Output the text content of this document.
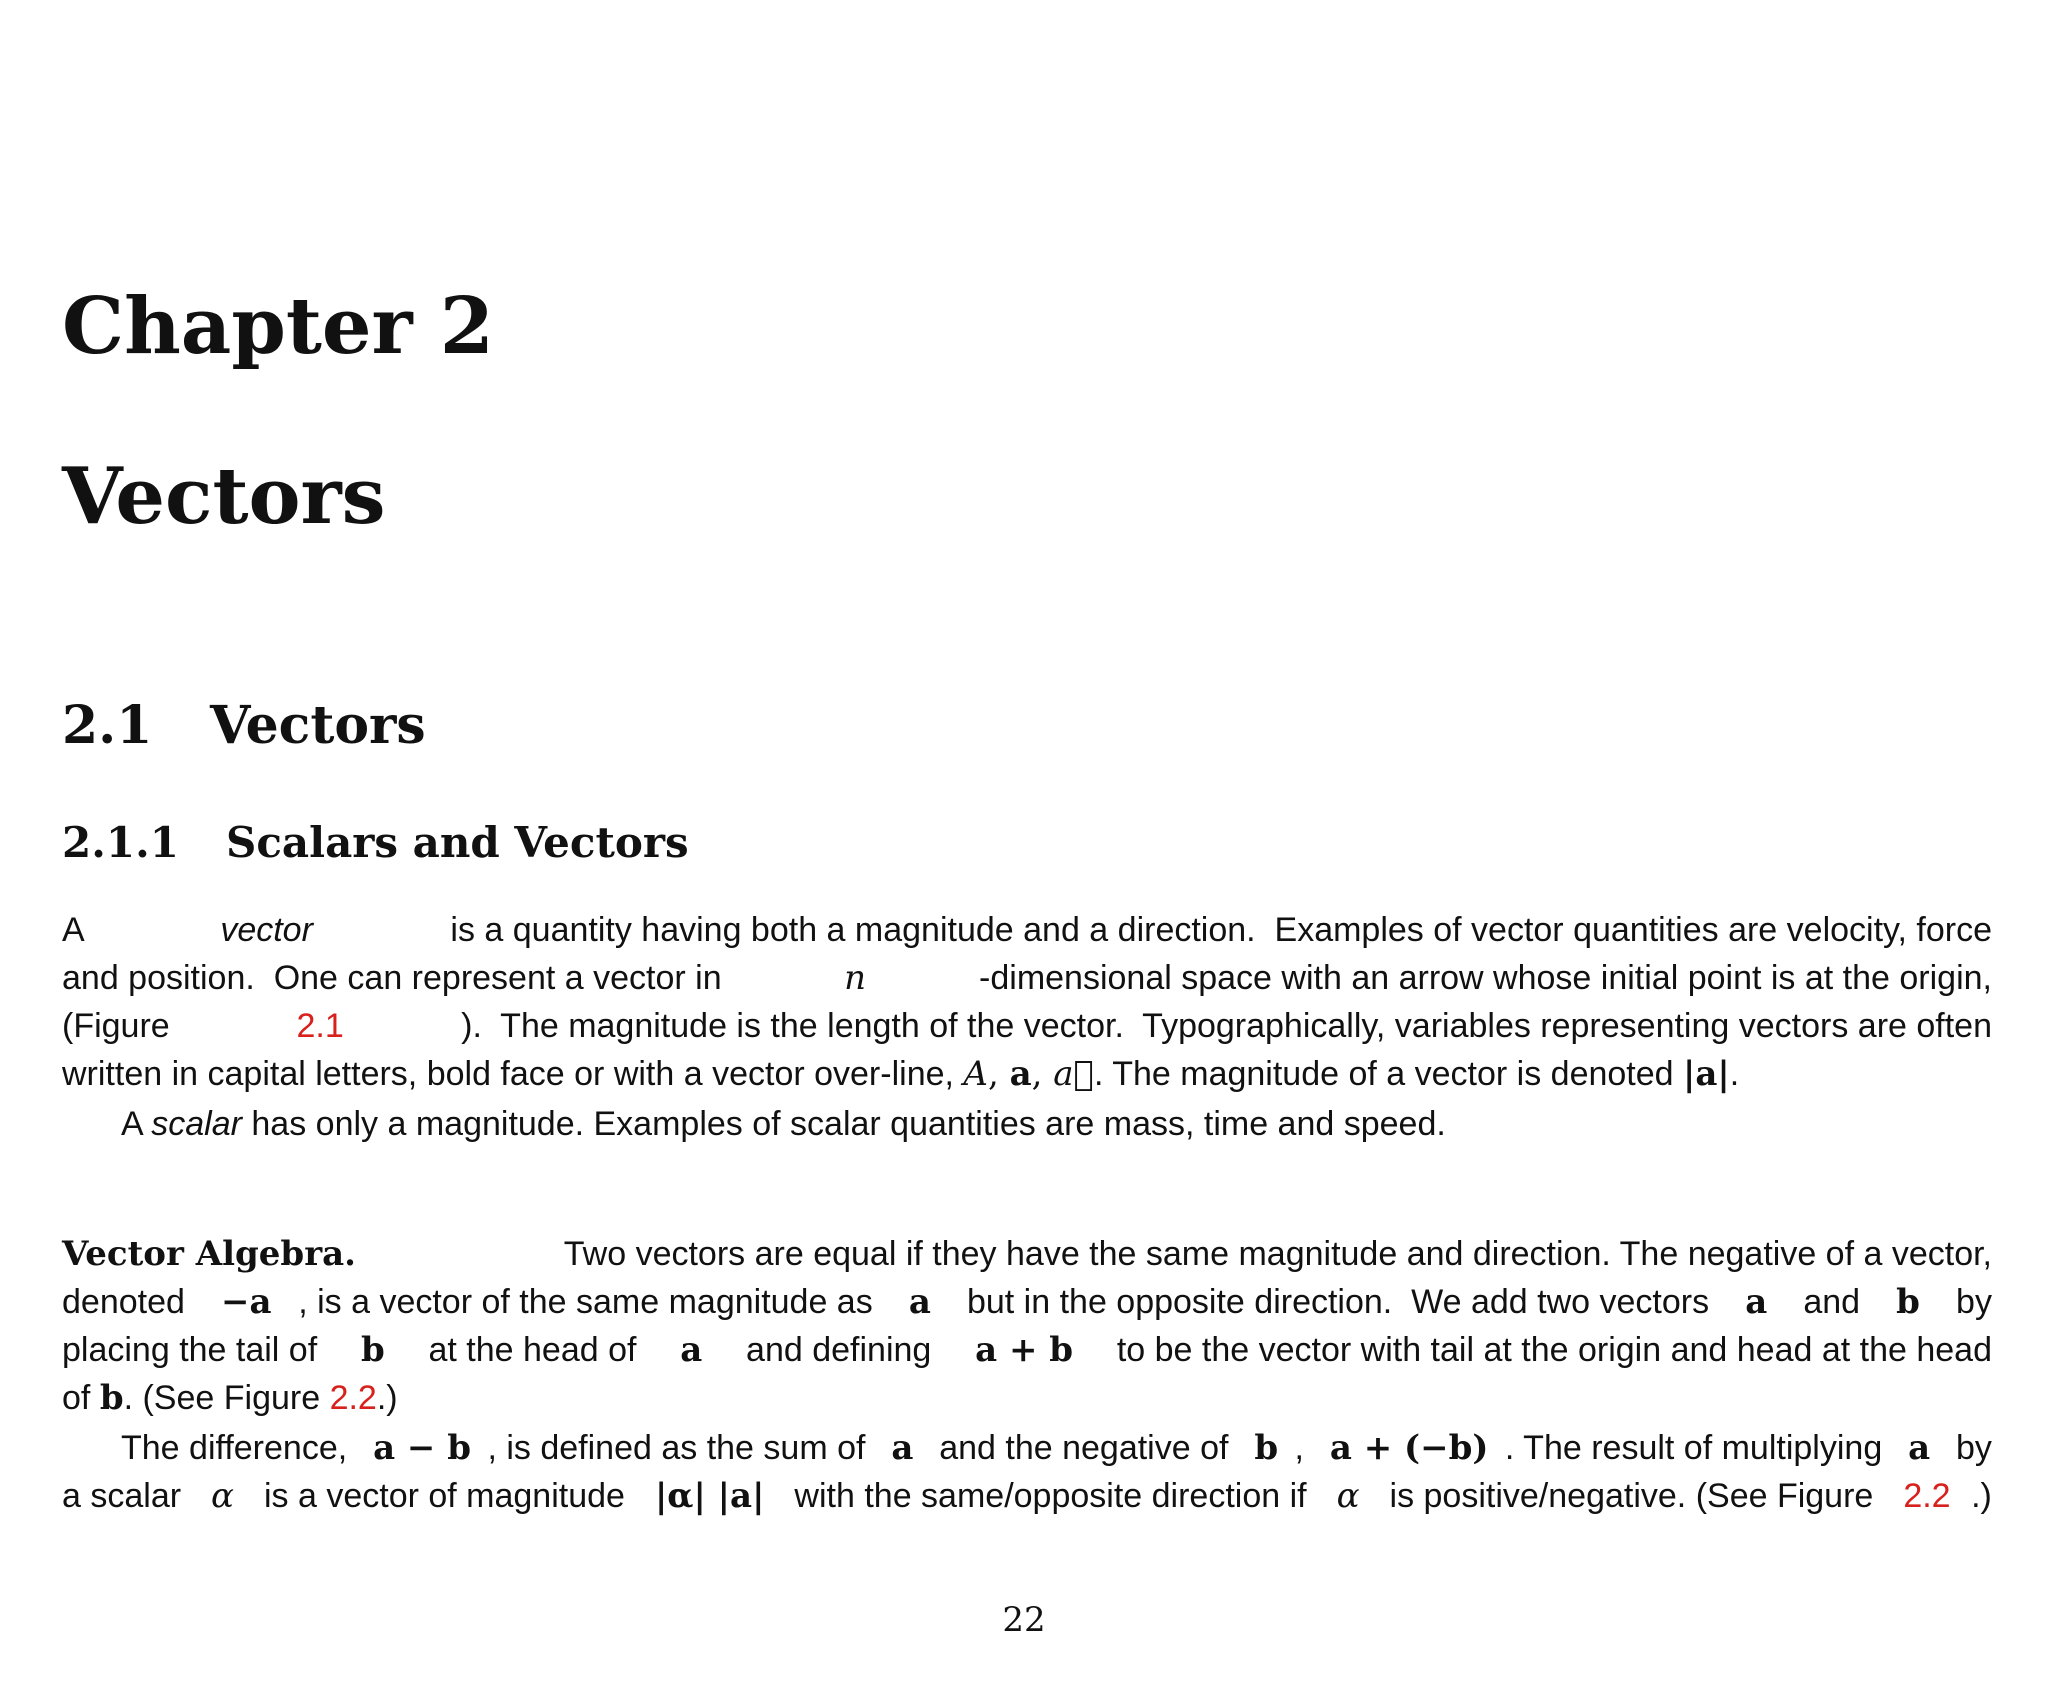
Chapter 2
Vectors
2.1 Vectors
2.1.1 Scalars and Vectors
A	vector	is a quantity having both a magnitude and a direction.  Examples of vector quantities are velocity, force
and position.  One can represent a vector in	n	-dimensional space with an arrow whose initial point is at the origin,
(Figure	2.1	).  The magnitude is the length of the vector.  Typographically, variables representing vectors are often
written in capital letters, bold face or with a vector over-line, A , a , a⃗ . The magnitude of a vector is denoted |a| .
A scalar has only a magnitude. Examples of scalar quantities are mass, time and speed.
Vector Algebra.	Two vectors are equal if they have the same magnitude and direction. The negative of a vector,
denoted −a , is a vector of the same magnitude as a but in the opposite direction.  We add two vectors a and b by
placing the tail of b at the head of a and defining a + b to be the vector with tail at the origin and head at the head
of b . (See Figure 2.2 .)
The difference, a − b , is defined as the sum of a and the negative of b , a + (−b) . The result of multiplying a by
a scalar α is a vector of magnitude |α| |a| with the same/opposite direction if α is positive/negative. (See Figure 2.2 .)
22
